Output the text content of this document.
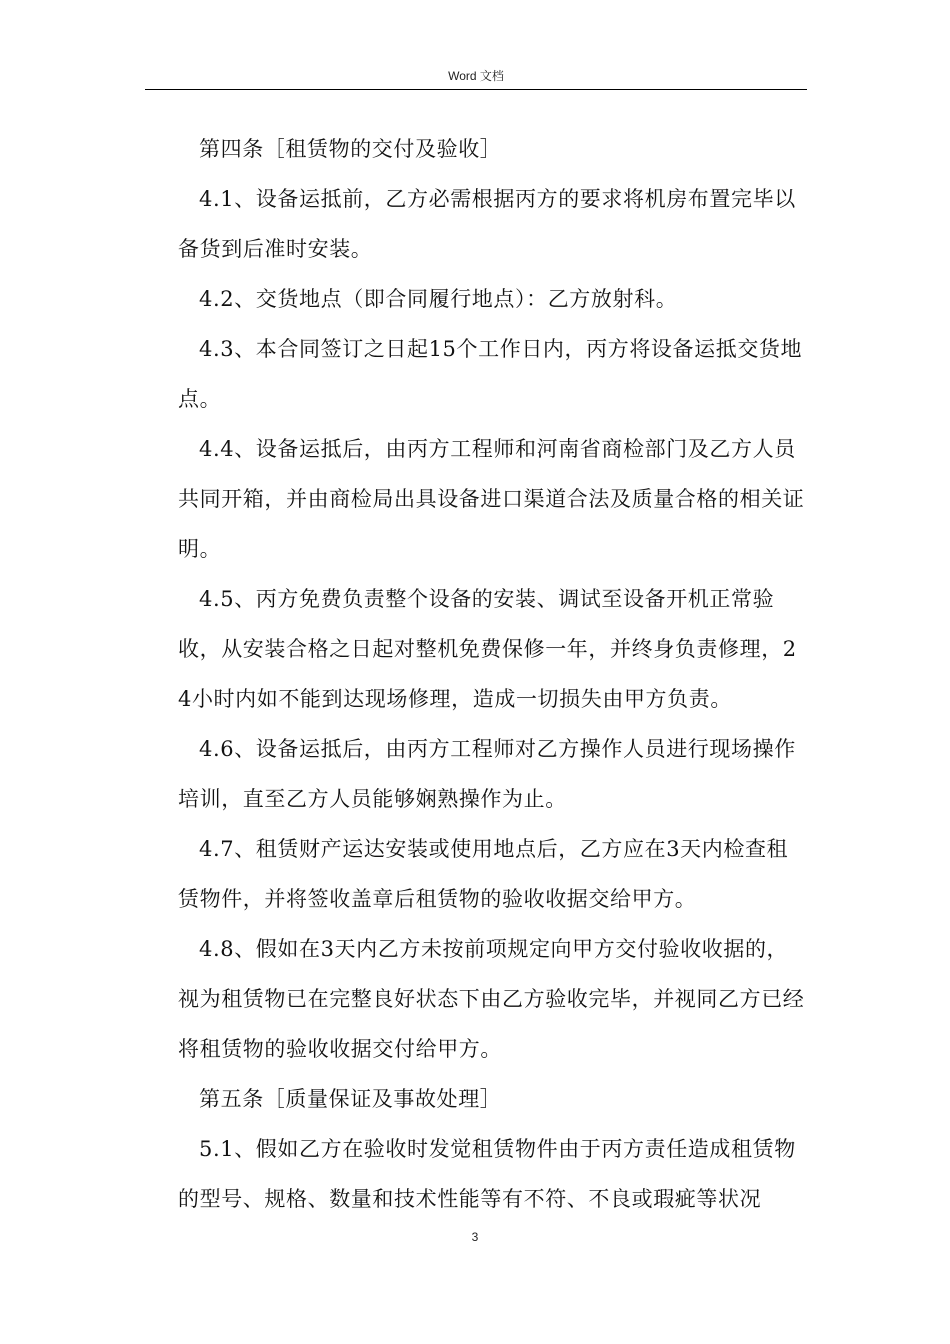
Word 文档

第四条［租赁物的交付及验收］

4.1、设备运抵前，乙方必需根据丙方的要求将机房布置完毕以备货到后准时安装。

4.2、交货地点（即合同履行地点）：乙方放射科。

4.3、本合同签订之日起15个工作日内，丙方将设备运抵交货地点。

4.4、设备运抵后，由丙方工程师和河南省商检部门及乙方人员共同开箱，并由商检局出具设备进口渠道合法及质量合格的相关证明。

4.5、丙方免费负责整个设备的安装、调试至设备开机正常验收，从安装合格之日起对整机免费保修一年，并终身负责修理，24小时内如不能到达现场修理，造成一切损失由甲方负责。

4.6、设备运抵后，由丙方工程师对乙方操作人员进行现场操作培训，直至乙方人员能够娴熟操作为止。

4.7、租赁财产运达安装或使用地点后，乙方应在3天内检查租赁物件，并将签收盖章后租赁物的验收收据交给甲方。

4.8、假如在3天内乙方未按前项规定向甲方交付验收收据的，视为租赁物已在完整良好状态下由乙方验收完毕，并视同乙方已经将租赁物的验收收据交付给甲方。

第五条［质量保证及事故处理］

5.1、假如乙方在验收时发觉租赁物件由于丙方责任造成租赁物的型号、规格、数量和技术性能等有不符、不良或瑕疵等状况

3
